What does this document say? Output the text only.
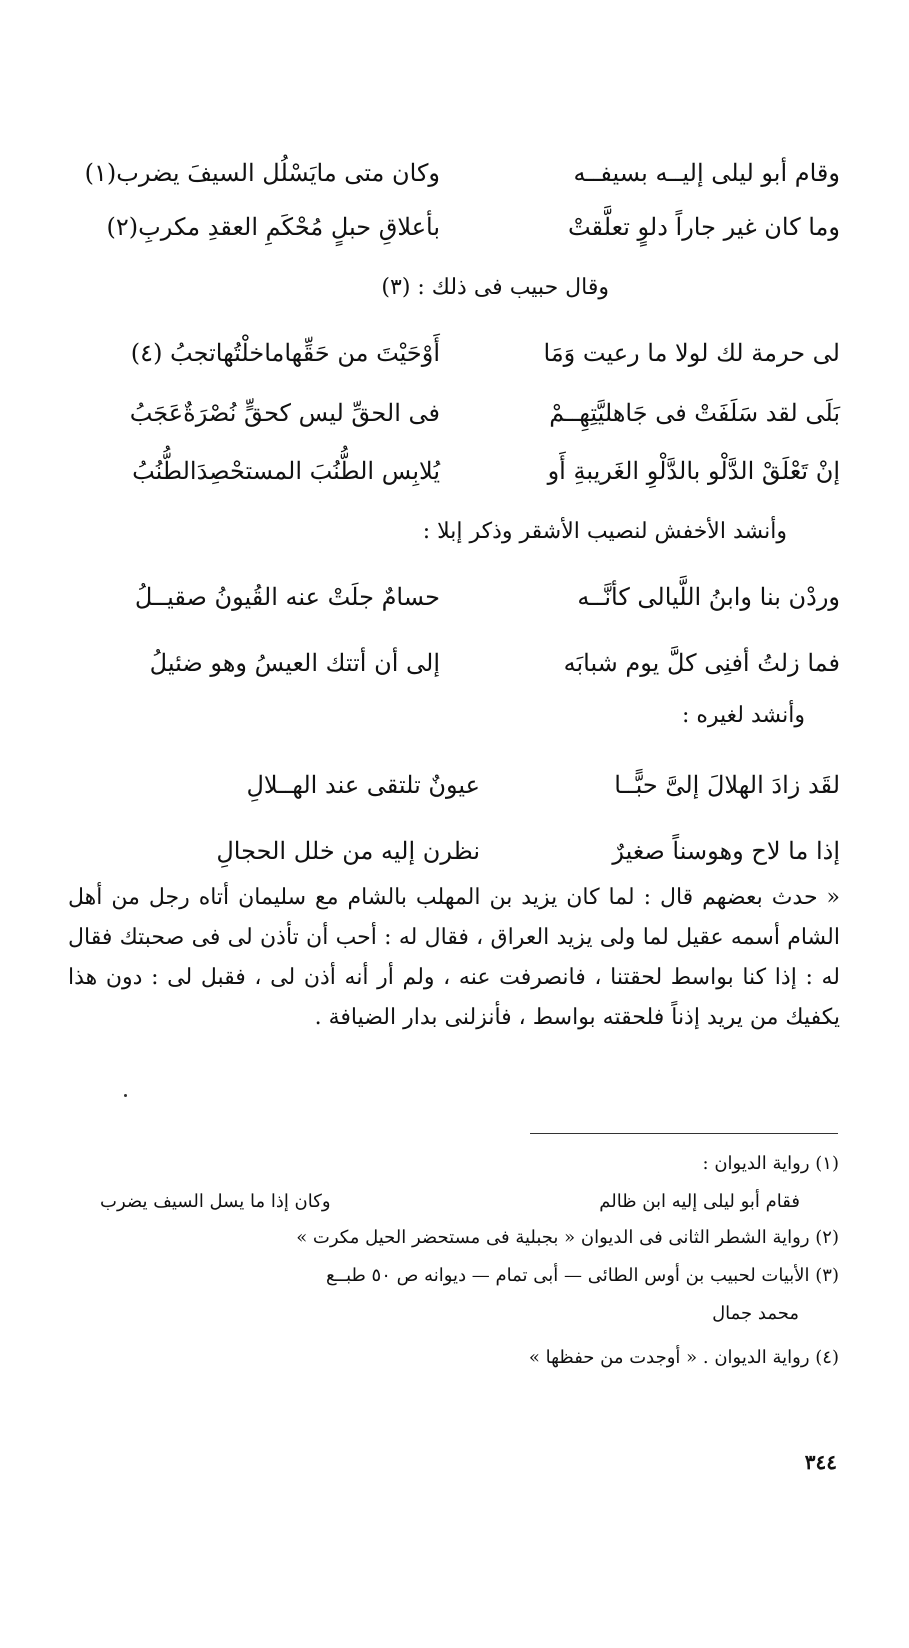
وقام أبو ليلى إليــه بسيفــه
وكان متى مايَسْلُل السيفَ يضرب(١)
وما كان غير جاراً دلوٍ تعلَّقتْ
بأعلاقِ حبلٍ مُحْكَمِ العقدِ مكربِ(٢)
وقال حبيب فى ذلك : (٣)
لى حرمة لك لولا ما رعيت وَمَا
أَوْحَيْتَ من حَقِّهاماخلْتُهاتجبُ (٤)
بَلَى لقد سَلَفَتْ فى جَاهليَّتِهِــمْ
فى الحقِّ ليس كحقٍّ نُصْرَةٌعَجَبُ
إنْ تَعْلَقْ الدَّلْو بالدَّلْوِ الغَريبةِ أَو
يُلابِس الطُّنُبَ المستحْصِدَالطُّنُبُ
وأنشد الأخفش لنصيب الأشقر وذكر إبلا :
وردْن بنا وابنُ اللَّيالى كأنَّــه
حسامٌ جلَتْ عنه القُيونُ صقيــلُ
فما زلتُ أفنِى كلَّ يوم شبابَه
إلى أن أتتك العيسُ وهو ضئيلُ
وأنشد لغيره :
لقَد زادَ الهلالَ إلىَّ حبًّــا
عيونٌ تلتقى عند الهــلالِ
إذا ما لاح وهوسناً صغيرٌ
نظرن إليه من خلل الحجالِ

« حدث بعضهم قال : لما كان يزيد بن المهلب بالشام مع سليمان أتاه رجل من أهل الشام أسمه عقيل لما ولى يزيد العراق ، فقال له : أحب أن تأذن لى فى صحبتك فقال له : إذا كنا بواسط لحقتنا ، فانصرفت عنه ، ولم أر أنه أذن لى ، فقبل لى : دون هذا يكفيك من يريد إذناً فلحقته بواسط ، فأنزلنى بدار الضيافة .

(١) رواية الديوان :
فقام أبو ليلى إليه ابن ظالم
وكان إذا ما يسل السيف يضرب
(٢) رواية الشطر الثانى فى الديوان « بجبلية فى مستحضر الحيل مكرت »
(٣) الأبيات لحبيب بن أوس الطائى — أبى تمام — ديوانه ص ٥٠ طبــع
محمد جمال
(٤) رواية الديوان . « أوجدت من حفظها »
٣٤٤
